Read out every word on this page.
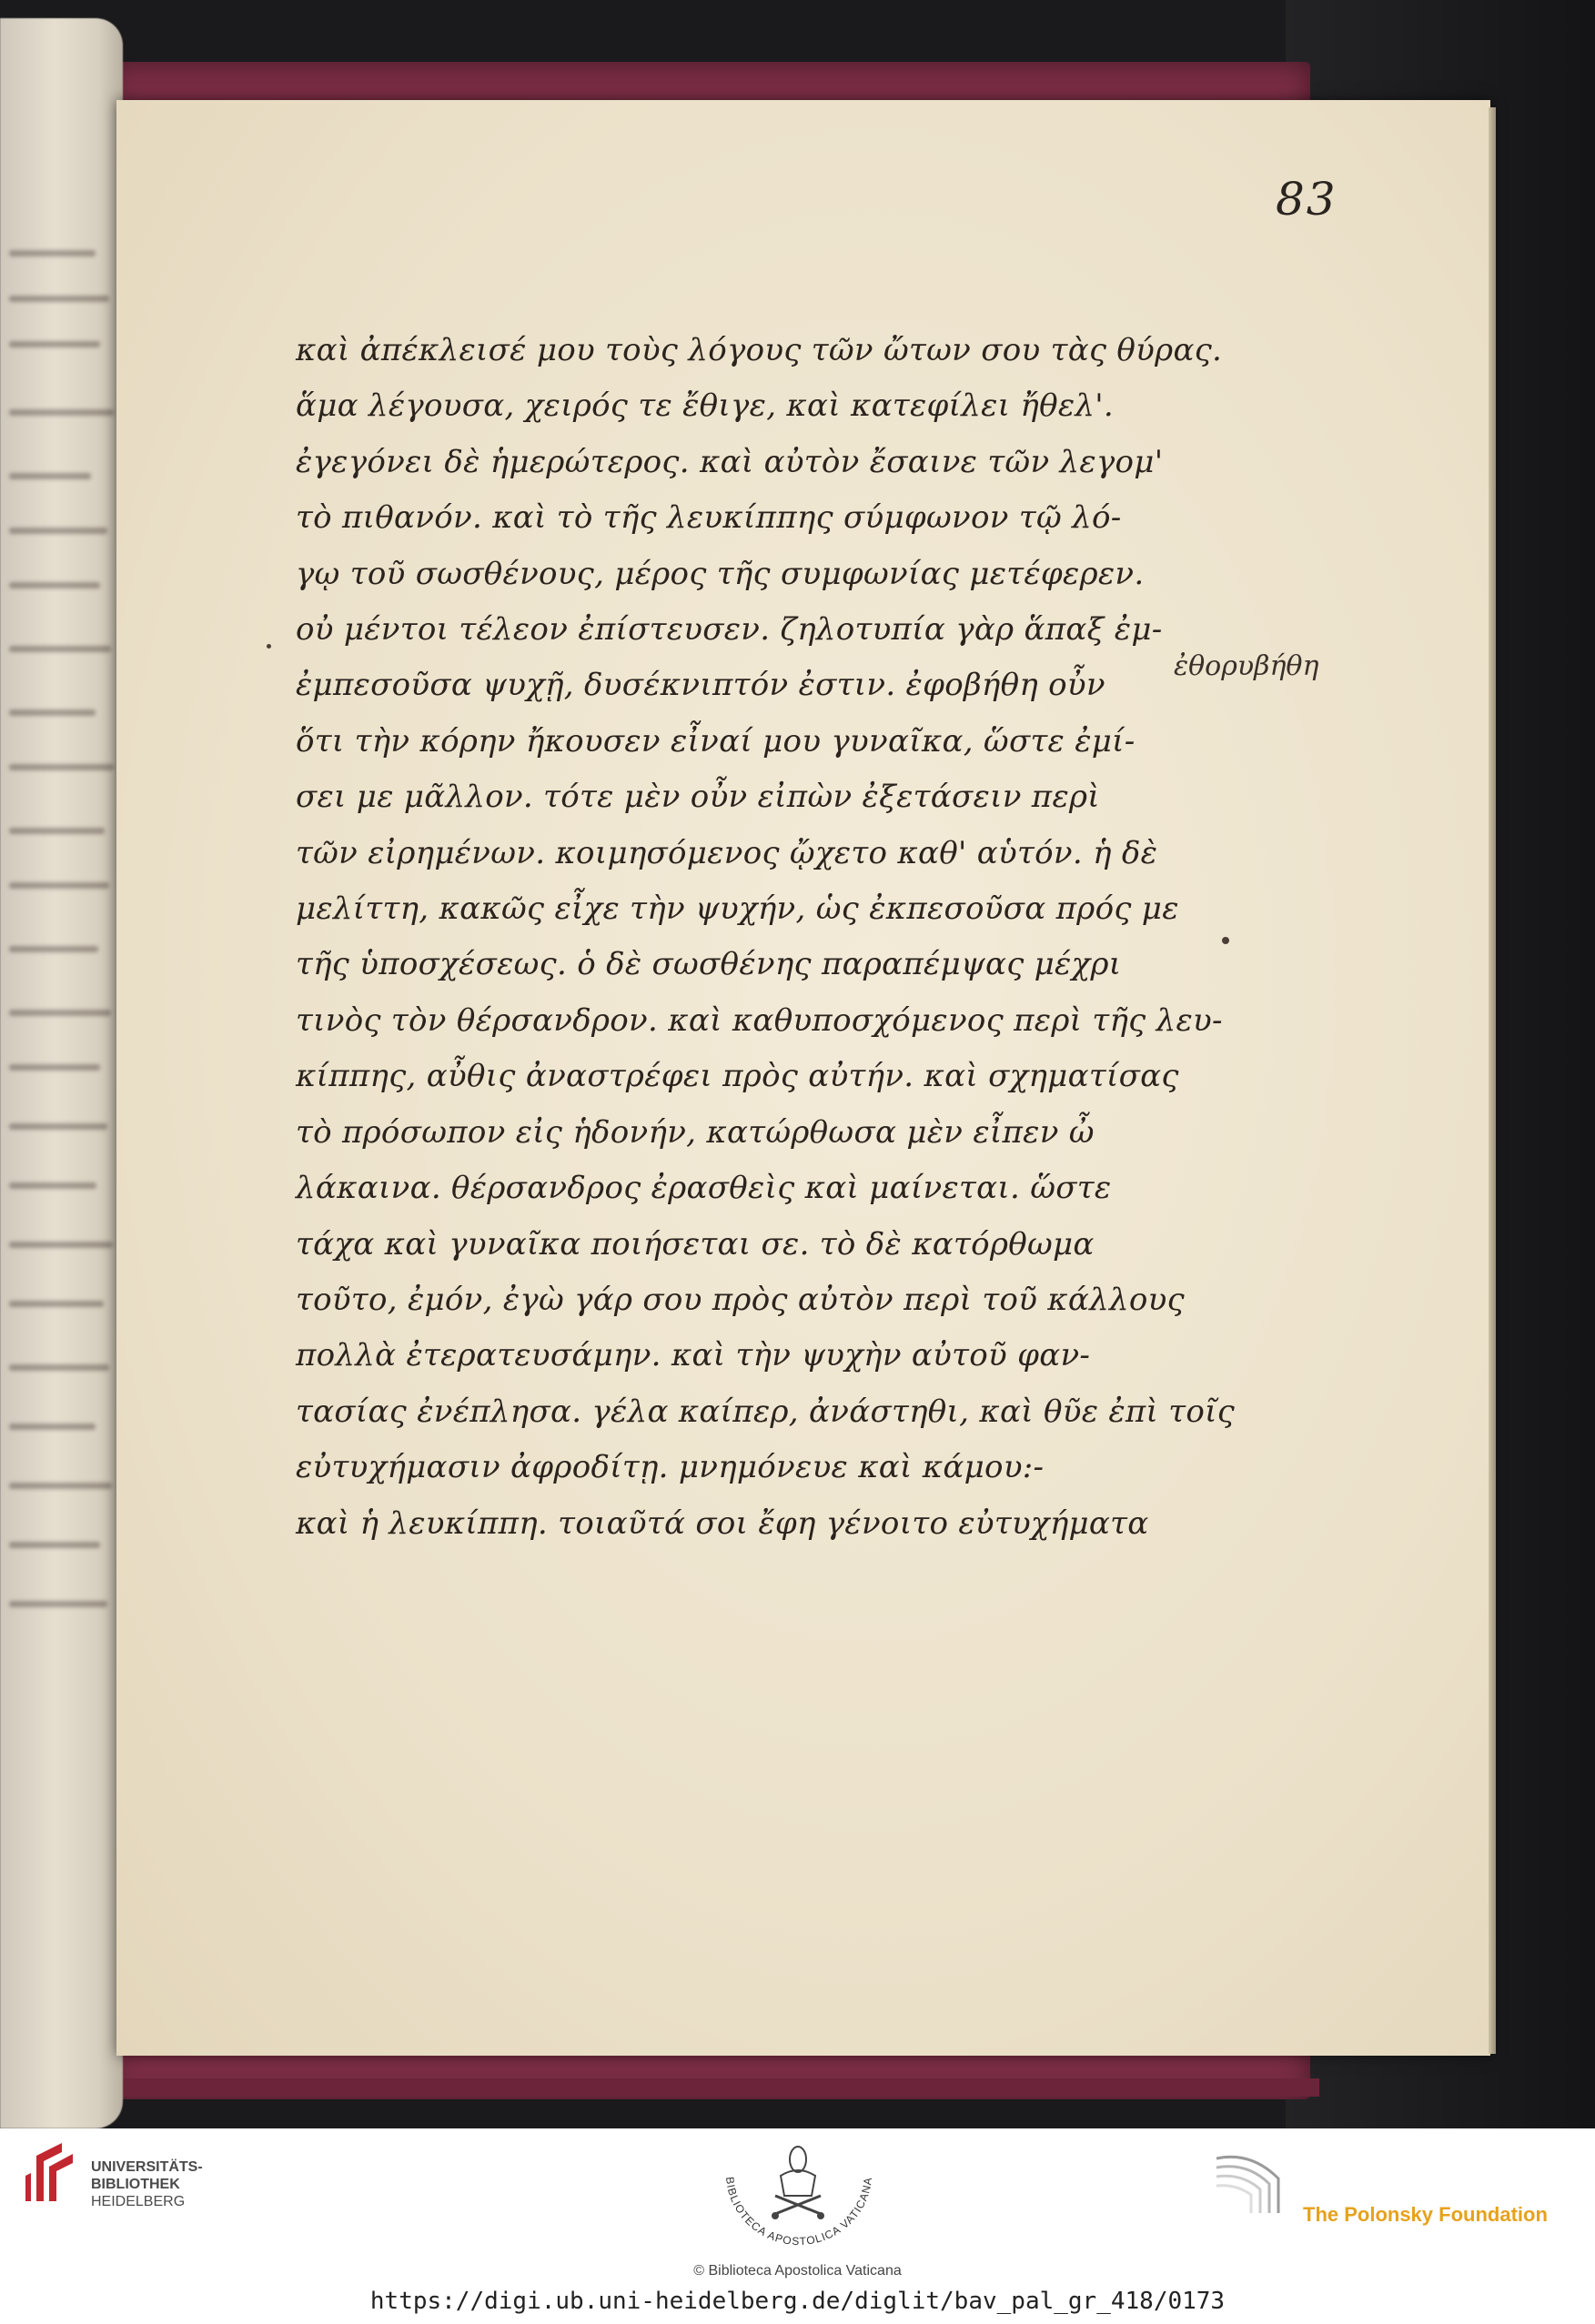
83
καὶ ἀπέκλεισέ μου τοὺς λόγους τῶν ὤτων σου τὰς θύρας.
ἅμα λέγουσα, χειρός τε ἔθιγε, καὶ κατεφίλει ἤθελ'.
ἐγεγόνει δὲ ἡμερώτερος. καὶ αὐτὸν ἔσαινε τῶν λεγομ'
τὸ πιθανόν. καὶ τὸ τῆς λευκίππης σύμφωνον τῷ λό-
γῳ τοῦ σωσθένους, μέρος τῆς συμφωνίας μετέφερεν.
οὐ μέντοι τέλεον ἐπίστευσεν. ζηλοτυπία γὰρ ἅπαξ ἐμ-
ἐμπεσοῦσα ψυχῇ, δυσέκνιπτόν ἐστιν. ἐφοβήθη οὖν
ὅτι τὴν κόρην ἤκουσεν εἶναί μου γυναῖκα, ὥστε ἐμί-
σει με μᾶλλον. τότε μὲν οὖν εἰπὼν ἐξετάσειν περὶ
τῶν εἰρημένων. κοιμησόμενος ᾤχετο καθ' αὑτόν. ἡ δὲ
μελίττη, κακῶς εἶχε τὴν ψυχήν, ὡς ἐκπεσοῦσα πρός με
τῆς ὑποσχέσεως. ὁ δὲ σωσθένης παραπέμψας μέχρι
τινὸς τὸν θέρσανδρον. καὶ καθυποσχόμενος περὶ τῆς λευ-
κίππης, αὖθις ἀναστρέφει πρὸς αὐτήν. καὶ σχηματίσας
τὸ πρόσωπον εἰς ἡδονήν, κατώρθωσα μὲν εἶπεν ὦ
λάκαινα. θέρσανδρος ἐρασθεὶς καὶ μαίνεται. ὥστε
τάχα καὶ γυναῖκα ποιήσεται σε. τὸ δὲ κατόρθωμα
τοῦτο, ἐμόν, ἐγὼ γάρ σου πρὸς αὐτὸν περὶ τοῦ κάλλους
πολλὰ ἐτερατευσάμην. καὶ τὴν ψυχὴν αὐτοῦ φαν-
τασίας ἐνέπλησα. γέλα καίπερ, ἀνάστηθι, καὶ θῦε ἐπὶ τοῖς
εὐτυχήμασιν ἀφροδίτῃ. μνημόνευε καὶ κάμου:-
καὶ ἡ λευκίππη. τοιαῦτά σοι ἔφη γένοιτο εὐτυχήματα
ἐθορυβήθη
UNIVERSITÄTS-
BIBLIOTHEK
HEIDELBERG
BIBLIOTECA APOSTOLICA VATICANA
The Polonsky Foundation
© Biblioteca Apostolica Vaticana
https://digi.ub.uni-heidelberg.de/diglit/bav_pal_gr_418/0173
